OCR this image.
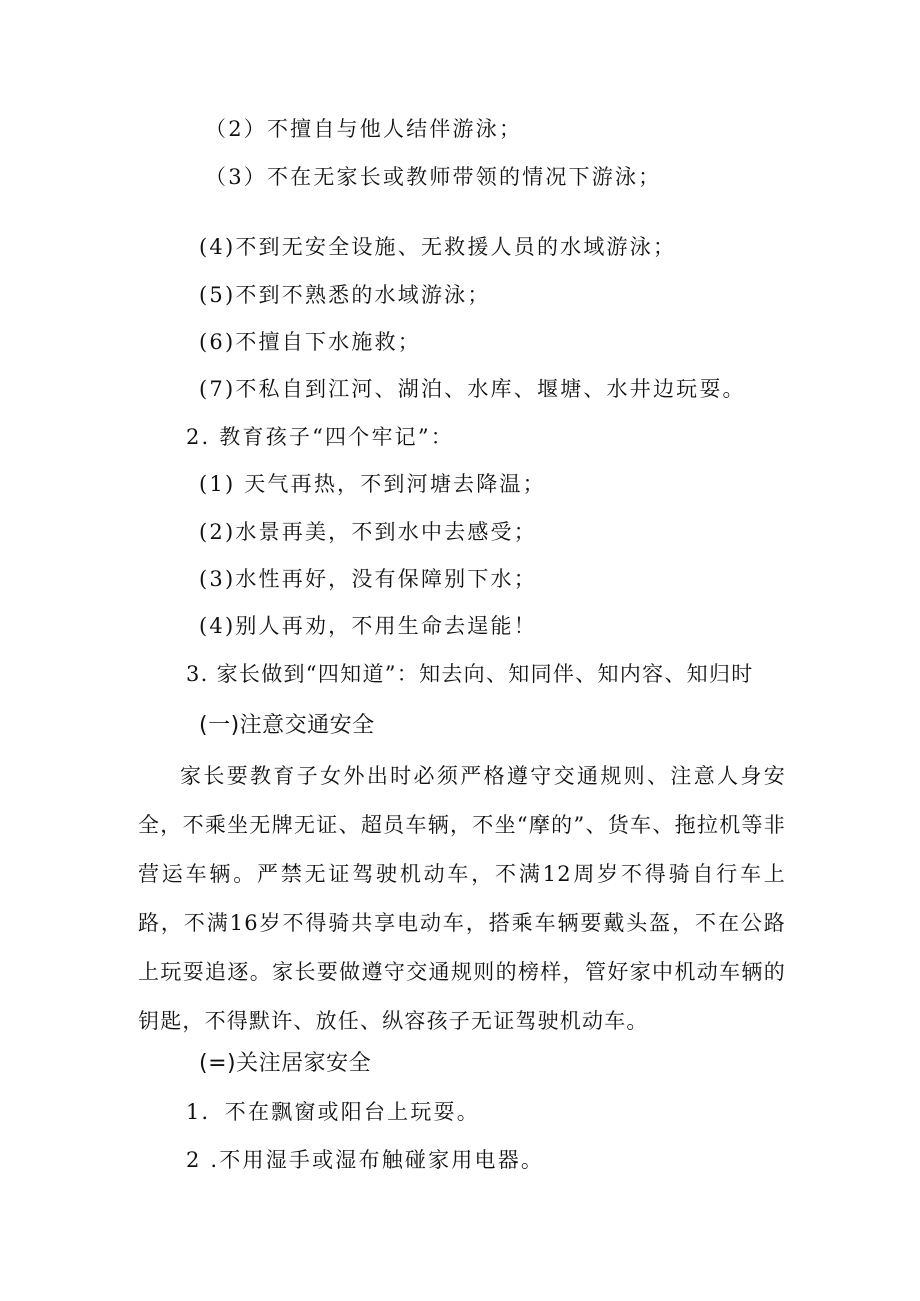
（2）不擅自与他人结伴游泳；
（3）不在无家长或教师带领的情况下游泳；
(4)不到无安全设施、无救援人员的水域游泳；
(5)不到不熟悉的水域游泳；
(6)不擅自下水施救；
(7)不私自到江河、湖泊、水库、堰塘、水井边玩耍。
2. 教育孩子“四个牢记”：
(1) 天气再热，不到河塘去降温；
(2)水景再美，不到水中去感受；
(3)水性再好，没有保障别下水；
(4)别人再劝，不用生命去逞能！
3. 家长做到“四知道”：知去向、知同伴、知内容、知归时
(一)注意交通安全
家长要教育子女外出时必须严格遵守交通规则、注意人身安全，不乘坐无牌无证、超员车辆，不坐“摩的”、货车、拖拉机等非营运车辆。严禁无证驾驶机动车，不满12周岁不得骑自行车上路，不满16岁不得骑共享电动车，搭乘车辆要戴头盔，不在公路上玩耍追逐。家长要做遵守交通规则的榜样，管好家中机动车辆的钥匙，不得默许、放任、纵容孩子无证驾驶机动车。
(=)关注居家安全
1．不在飘窗或阳台上玩耍。
2 .不用湿手或湿布触碰家用电器。
